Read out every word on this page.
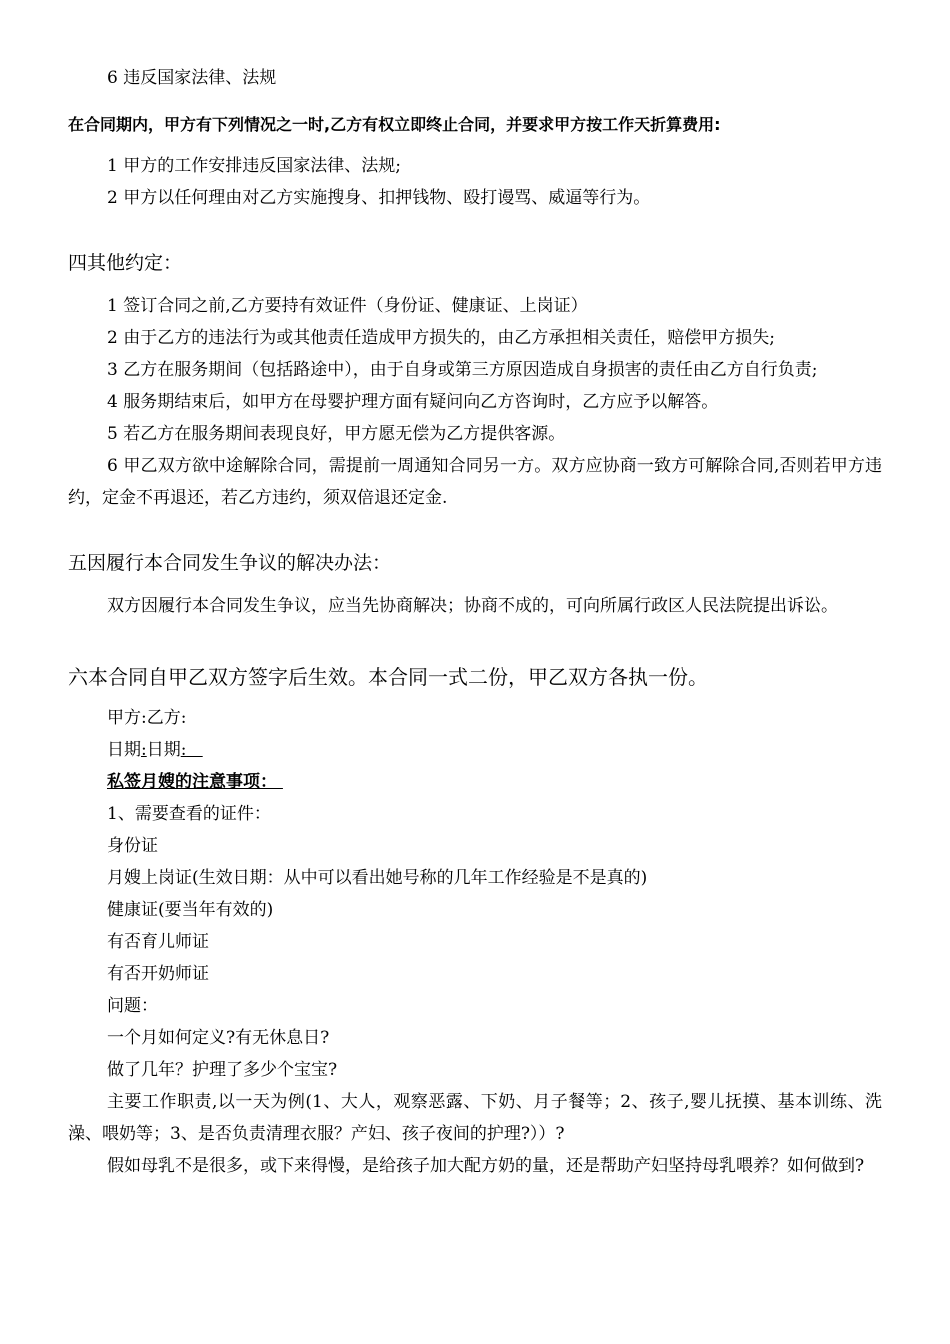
6 违反国家法律、法规

在合同期内，甲方有下列情况之一时,乙方有权立即终止合同，并要求甲方按工作天折算费用:

1 甲方的工作安排违反国家法律、法规;

2 甲方以任何理由对乙方实施搜身、扣押钱物、殴打谩骂、威逼等行为。

四其他约定：

1 签订合同之前,乙方要持有效证件（身份证、健康证、上岗证）

2 由于乙方的违法行为或其他责任造成甲方损失的，由乙方承担相关责任，赔偿甲方损失;

3 乙方在服务期间（包括路途中），由于自身或第三方原因造成自身损害的责任由乙方自行负责;

4 服务期结束后，如甲方在母婴护理方面有疑问向乙方咨询时，乙方应予以解答。

5 若乙方在服务期间表现良好，甲方愿无偿为乙方提供客源。

6 甲乙双方欲中途解除合同，需提前一周通知合同另一方。双方应协商一致方可解除合同,否则若甲方违约，定金不再退还，若乙方违约，须双倍退还定金.

五因履行本合同发生争议的解决办法：

双方因履行本合同发生争议，应当先协商解决；协商不成的，可向所属行政区人民法院提出诉讼。

六本合同自甲乙双方签字后生效。本合同一式二份，甲乙双方各执一份。

甲方:乙方:

日期:日期:

私签月嫂的注意事项：

1、需要查看的证件：

身份证

月嫂上岗证(生效日期：从中可以看出她号称的几年工作经验是不是真的)

健康证(要当年有效的)

有否育儿师证

有否开奶师证

问题：

一个月如何定义?有无休息日?

做了几年？护理了多少个宝宝?

主要工作职责,以一天为例(1、大人，观察恶露、下奶、月子餐等；2、孩子,婴儿抚摸、基本训练、洗澡、喂奶等；3、是否负责清理衣服？产妇、孩子夜间的护理?））?

假如母乳不是很多，或下来得慢，是给孩子加大配方奶的量，还是帮助产妇坚持母乳喂养？如何做到?
